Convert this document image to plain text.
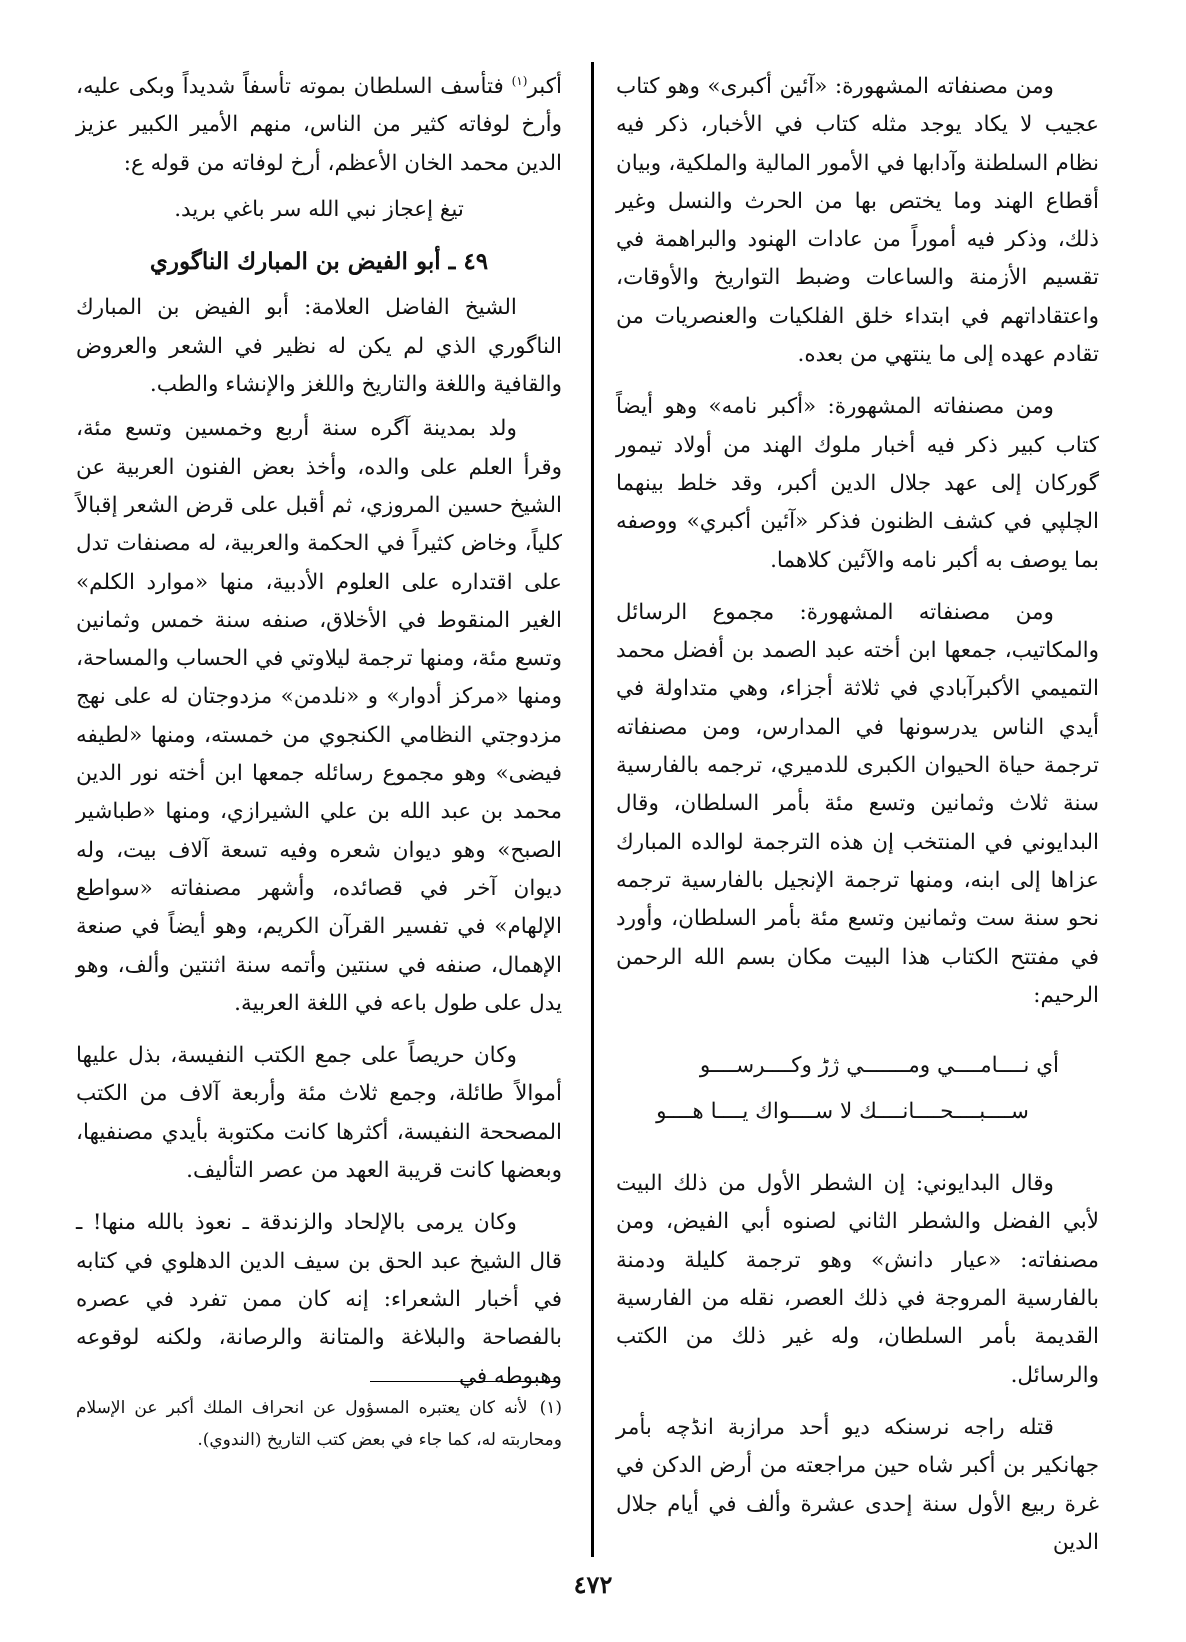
ومن مصنفاته المشهورة: «آئين أكبرى» وهو كتاب عجيب لا يكاد يوجد مثله كتاب في الأخبار، ذكر فيه نظام السلطنة وآدابها في الأمور المالية والملكية، وبيان أقطاع الهند وما يختص بها من الحرث والنسل وغير ذلك، وذكر فيه أموراً من عادات الهنود والبراهمة في تقسيم الأزمنة والساعات وضبط التواريخ والأوقات، واعتقاداتهم في ابتداء خلق الفلكيات والعنصريات من تقادم عهده إلى ما ينتهي من بعده.

ومن مصنفاته المشهورة: «أكبر نامه» وهو أيضاً كتاب كبير ذكر فيه أخبار ملوك الهند من أولاد تيمور گوركان إلى عهد جلال الدين أكبر، وقد خلط بينهما الچلپي في كشف الظنون فذكر «آئين أكبري» ووصفه بما يوصف به أكبر نامه والآئين كلاهما.

ومن مصنفاته المشهورة: مجموع الرسائل والمكاتيب، جمعها ابن أخته عبد الصمد بن أفضل محمد التميمي الأكبرآبادي في ثلاثة أجزاء، وهي متداولة في أيدي الناس يدرسونها في المدارس، ومن مصنفاته ترجمة حياة الحيوان الكبرى للدميري، ترجمه بالفارسية سنة ثلاث وثمانين وتسع مئة بأمر السلطان، وقال البدايوني في المنتخب إن هذه الترجمة لوالده المبارك عزاها إلى ابنه، ومنها ترجمة الإنجيل بالفارسية ترجمه نحو سنة ست وثمانين وتسع مئة بأمر السلطان، وأورد في مفتتح الكتاب هذا البيت مكان بسم الله الرحمن الرحيم:

أي نــــامــــي ومـــــــي ژڑ وكــــرســــو
ســــبــــحــــانــــك لا ســــواك يــــا هــــو

وقال البدايوني: إن الشطر الأول من ذلك البيت لأبي الفضل والشطر الثاني لصنوه أبي الفيض، ومن مصنفاته: «عيار دانش» وهو ترجمة كليلة ودمنة بالفارسية المروجة في ذلك العصر، نقله من الفارسية القديمة بأمر السلطان، وله غير ذلك من الكتب والرسائل.

قتله راجه نرسنكه ديو أحد مرازبة انڈچه بأمر جهانكير بن أكبر شاه حين مراجعته من أرض الدكن في غرة ربيع الأول سنة إحدى عشرة وألف في أيام جلال الدين

أكبر$^{(١)}$ فتأسف السلطان بموته تأسفاً شديداً وبكى عليه، وأرخ لوفاته كثير من الناس، منهم الأمير الكبير عزيز الدين محمد الخان الأعظم، أرخ لوفاته من قوله ع:

تيغ إعجاز نبي الله سر باغي بريد.

٤٩ ـ أبو الفيض بن المبارك الناگوري

الشيخ الفاضل العلامة: أبو الفيض بن المبارك الناگوري الذي لم يكن له نظير في الشعر والعروض والقافية واللغة والتاريخ واللغز والإنشاء والطب.

ولد بمدينة آگره سنة أربع وخمسين وتسع مئة، وقرأ العلم على والده، وأخذ بعض الفنون العربية عن الشيخ حسين المروزي، ثم أقبل على قرض الشعر إقبالاً كلياً، وخاض كثيراً في الحكمة والعربية، له مصنفات تدل على اقتداره على العلوم الأدبية، منها «موارد الكلم» الغير المنقوط في الأخلاق، صنفه سنة خمس وثمانين وتسع مئة، ومنها ترجمة ليلاوتي في الحساب والمساحة، ومنها «مركز أدوار» و «نلدمن» مزدوجتان له على نهج مزدوجتي النظامي الكنجوي من خمسته، ومنها «لطيفه فيضى» وهو مجموع رسائله جمعها ابن أخته نور الدين محمد بن عبد الله بن علي الشيرازي، ومنها «طباشير الصبح» وهو ديوان شعره وفيه تسعة آلاف بيت، وله ديوان آخر في قصائده، وأشهر مصنفاته «سواطع الإلهام» في تفسير القرآن الكريم، وهو أيضاً في صنعة الإهمال، صنفه في سنتين وأتمه سنة اثنتين وألف، وهو يدل على طول باعه في اللغة العربية.

وكان حريصاً على جمع الكتب النفيسة، بذل عليها أموالاً طائلة، وجمع ثلاث مئة وأربعة آلاف من الكتب المصححة النفيسة، أكثرها كانت مكتوبة بأيدي مصنفيها، وبعضها كانت قريبة العهد من عصر التأليف.

وكان يرمى بالإلحاد والزندقة ـ نعوذ بالله منها! ـ قال الشيخ عبد الحق بن سيف الدين الدهلوي في كتابه في أخبار الشعراء: إنه كان ممن تفرد في عصره بالفصاحة والبلاغة والمتانة والرصانة، ولكنه لوقوعه وهبوطه في

(١)لأنه كان يعتبره المسؤول عن انحراف الملك أكبر عن الإسلام ومحاربته له، كما جاء في بعض كتب التاريخ (الندوي).
٤٧٢
